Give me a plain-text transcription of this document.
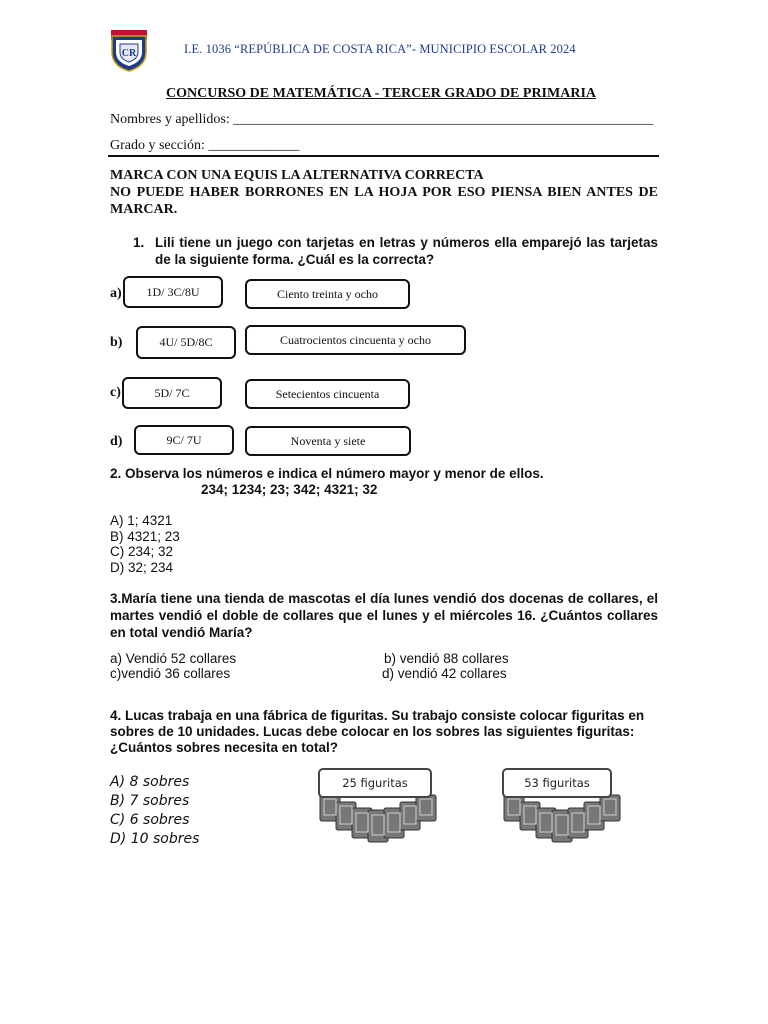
CR	I.E. 1036 “REPÚBLICA DE COSTA RICA”- MUNICIPIO ESCOLAR 2024
CONCURSO DE MATEMÁTICA - TERCER GRADO DE PRIMARIA
Nombres y apellidos: ____________________________________________________________
Grado y sección: _____________
MARCA CON UNA EQUIS LA ALTERNATIVA CORRECTA
NO PUEDE HABER BORRONES EN LA HOJA POR ESO PIENSA BIEN ANTES DE MARCAR.
1. Lili tiene un juego con tarjetas en letras y números ella emparejó las tarjetas de la siguiente forma. ¿Cuál es la correcta?
a)	1D/ 3C/8U	Ciento treinta y ocho
b)	4U/ 5D/8C	Cuatrocientos cincuenta y ocho
c)	5D/ 7C	Setecientos cincuenta
d)	9C/ 7U	Noventa y siete
2. Observa los números e indica el número mayor y menor de ellos.
234; 1234; 23; 342; 4321; 32
A) 1; 4321
B) 4321; 23
C) 234; 32
D) 32; 234
3.María tiene una tienda de mascotas el día lunes vendió dos docenas de collares, el martes vendió el doble de collares que el lunes y el miércoles 16. ¿Cuántos collares en total vendió María?
a) Vendió 52 collares	b) vendió 88 collares
c)vendió 36 collares	d) vendió 42 collares
4. Lucas trabaja en una fábrica de figuritas. Su trabajo consiste colocar figuritas en sobres de 10 unidades. Lucas debe colocar en los sobres las siguientes figuritas: ¿Cuántos sobres necesita en total?
A) 8 sobres
B) 7 sobres
C) 6 sobres
D) 10 sobres
25 figuritas	53 figuritas
